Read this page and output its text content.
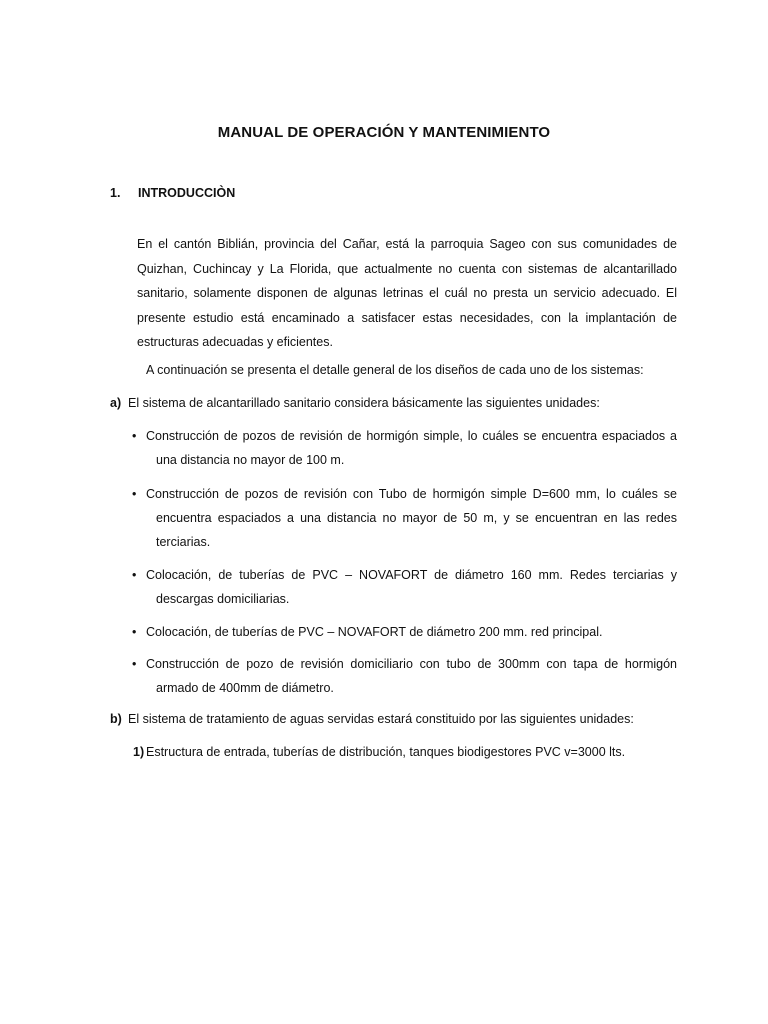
MANUAL DE OPERACIÓN Y MANTENIMIENTO
1. INTRODUCCIÒN
En el cantón Biblián, provincia del Cañar, está la parroquia Sageo con sus comunidades de Quizhan, Cuchincay y La Florida, que actualmente no cuenta con sistemas de alcantarillado sanitario, solamente disponen de algunas letrinas el cuál no presta un servicio adecuado. El presente estudio está encaminado a satisfacer estas necesidades, con la implantación de estructuras adecuadas y eficientes.
A continuación se presenta el detalle general de los diseños de cada uno de los sistemas:
a) El sistema de alcantarillado sanitario considera básicamente las siguientes unidades:
• Construcción de pozos de revisión de hormigón simple, lo cuáles se encuentra espaciados a
una distancia no mayor de 100 m.
• Construcción de pozos de revisión con Tubo de hormigón simple D=600 mm, lo cuáles se
encuentra espaciados a una distancia no mayor de 50 m, y se encuentran en las redes
terciarias.
• Colocación, de tuberías de PVC – NOVAFORT de diámetro 160 mm. Redes terciarias y
descargas domiciliarias.
• Colocación, de tuberías de PVC – NOVAFORT de diámetro 200 mm. red principal.
• Construcción de pozo de revisión domiciliario con tubo de 300mm con tapa de hormigón
armado de 400mm de diámetro.
b) El sistema de tratamiento de aguas servidas estará constituido por las siguientes unidades:
1) Estructura de entrada, tuberías de distribución, tanques biodigestores PVC v=3000 lts.
